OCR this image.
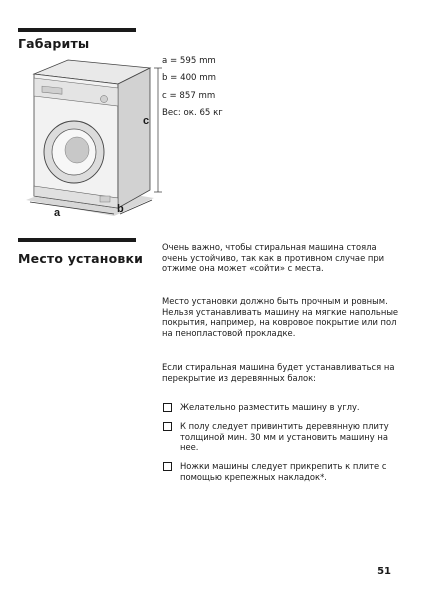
Габариты
c
a	b
a = 595 mm
b = 400 mm
c = 857 mm
Вес: ок. 65 кг
Место установки

Очень важно, чтобы стиральная машина стояла очень устойчиво, так как в противном случае при отжиме она может «сойти» с места.

Место установки должно быть прочным и ровным. Нельзя устанавливать машину на мягкие напольные покрытия, например, на ковровое покрытие или пол на пенопластовой прокладке.

Если стиральная машина будет устанавливаться на перекрытие из деревянных балок:

Желательно разместить машину в углу.
К полу следует привинтить деревянную плиту толщиной мин. 30 мм и установить машину на нее.
Ножки машины следует прикрепить к плите с помощью крепежных накладок*.
51
